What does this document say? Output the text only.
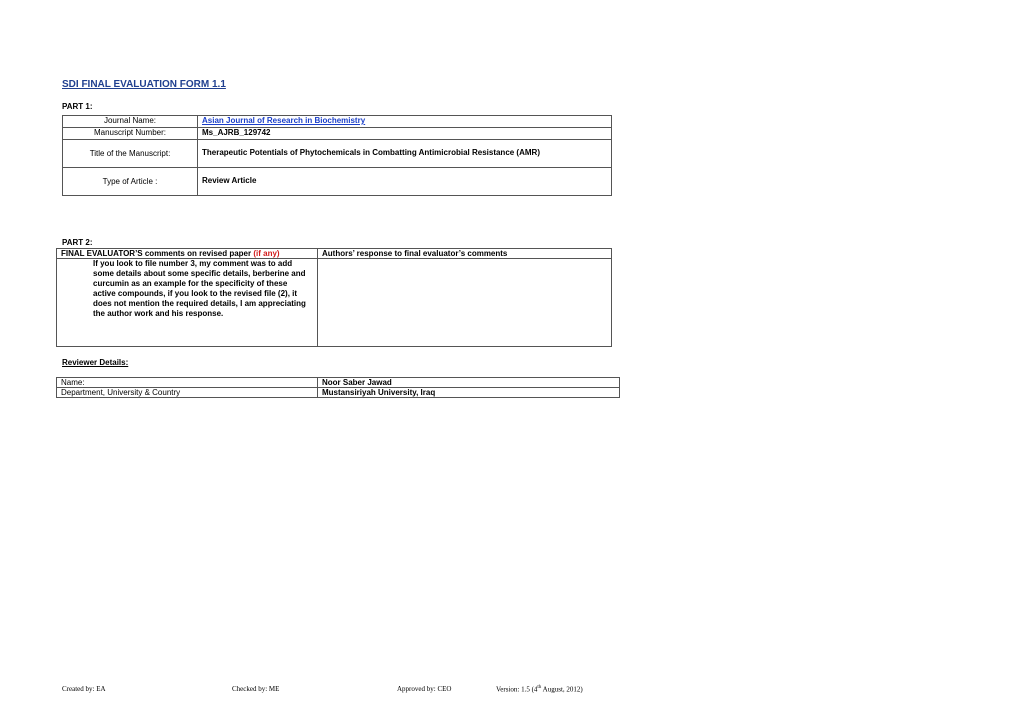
SDI FINAL EVALUATION FORM 1.1
PART 1:
Journal Name:	Asian Journal of Research in Biochemistry
Manuscript Number:	Ms_AJRB_129742
Title of the Manuscript:	Therapeutic Potentials of Phytochemicals in Combatting Antimicrobial Resistance (AMR)
Type of Article :	Review Article
PART 2:
FINAL EVALUATOR’S comments on revised paper (if any)	Authors’ response to final evaluator’s comments
If you look to file number 3, my comment was to add some details about some specific details, berberine and curcumin as an example for the specificity of these active compounds, if you look to the revised file (2), it does not mention the required details, I am appreciating the author work and his response.	
Reviewer Details:
Name:	Noor Saber Jawad
Department, University & Country	Mustansiriyah University, Iraq
Created by: EA	Checked by: ME	Approved by: CEO	Version: 1.5 (4th August, 2012)
